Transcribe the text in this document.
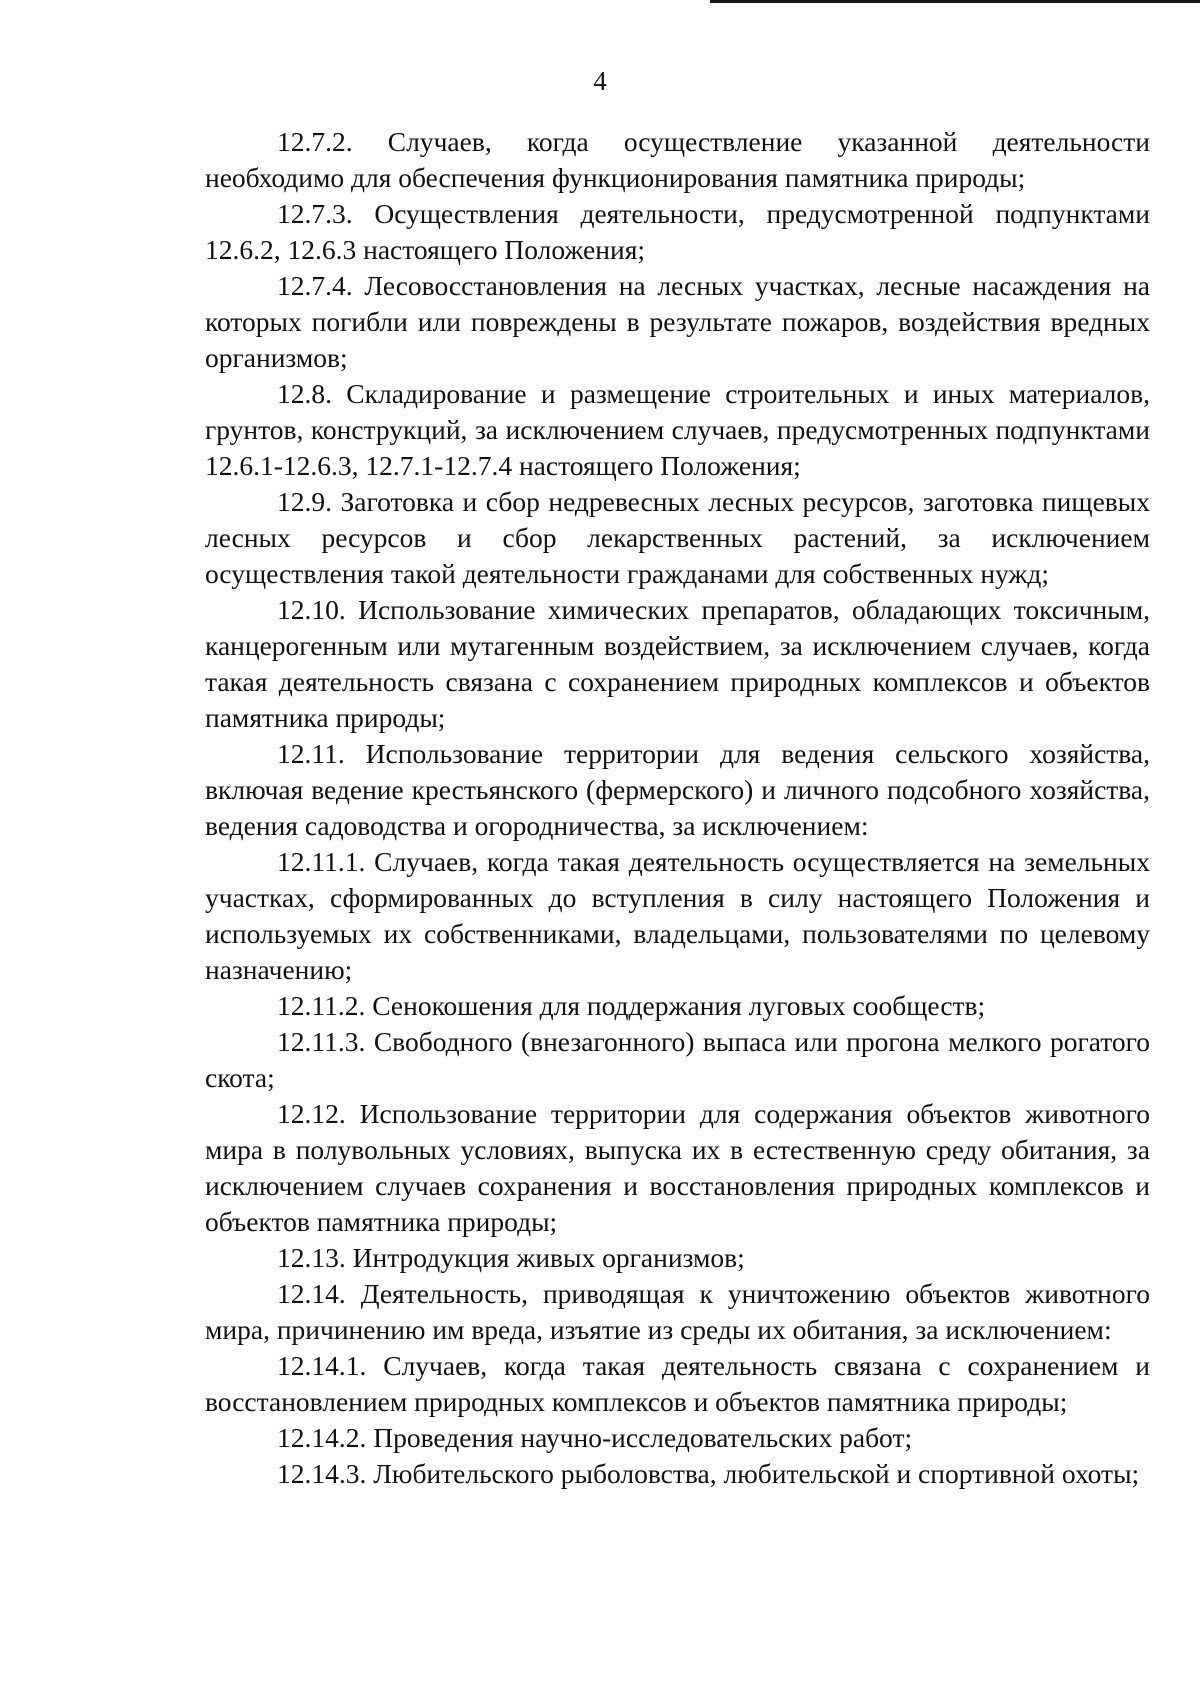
4

12.7.2. Случаев, когда осуществление указанной деятельности необходимо для обеспечения функционирования памятника природы;

12.7.3. Осуществления деятельности, предусмотренной подпунктами 12.6.2, 12.6.3 настоящего Положения;

12.7.4. Лесовосстановления на лесных участках, лесные насаждения на которых погибли или повреждены в результате пожаров, воздействия вредных организмов;

12.8. Складирование и размещение строительных и иных материалов, грунтов, конструкций, за исключением случаев, предусмотренных подпунктами 12.6.1-12.6.3, 12.7.1-12.7.4 настоящего Положения;

12.9. Заготовка и сбор недревесных лесных ресурсов, заготовка пищевых лесных ресурсов и сбор лекарственных растений, за исключением осуществления такой деятельности гражданами для собственных нужд;

12.10. Использование химических препаратов, обладающих токсичным, канцерогенным или мутагенным воздействием, за исключением случаев, когда такая деятельность связана с сохранением природных комплексов и объектов памятника природы;

12.11. Использование территории для ведения сельского хозяйства, включая ведение крестьянского (фермерского) и личного подсобного хозяйства, ведения садоводства и огородничества, за исключением:

12.11.1. Случаев, когда такая деятельность осуществляется на земельных участках, сформированных до вступления в силу настоящего Положения и используемых их собственниками, владельцами, пользователями по целевому назначению;

12.11.2. Сенокошения для поддержания луговых сообществ;

12.11.3. Свободного (внезагонного) выпаса или прогона мелкого рогатого скота;

12.12. Использование территории для содержания объектов животного мира в полувольных условиях, выпуска их в естественную среду обитания, за исключением случаев сохранения и восстановления природных комплексов и объектов памятника природы;

12.13. Интродукция живых организмов;

12.14. Деятельность, приводящая к уничтожению объектов животного мира, причинению им вреда, изъятие из среды их обитания, за исключением:

12.14.1. Случаев, когда такая деятельность связана с сохранением и восстановлением природных комплексов и объектов памятника природы;

12.14.2. Проведения научно-исследовательских работ;

12.14.3. Любительского рыболовства, любительской и спортивной охоты;
